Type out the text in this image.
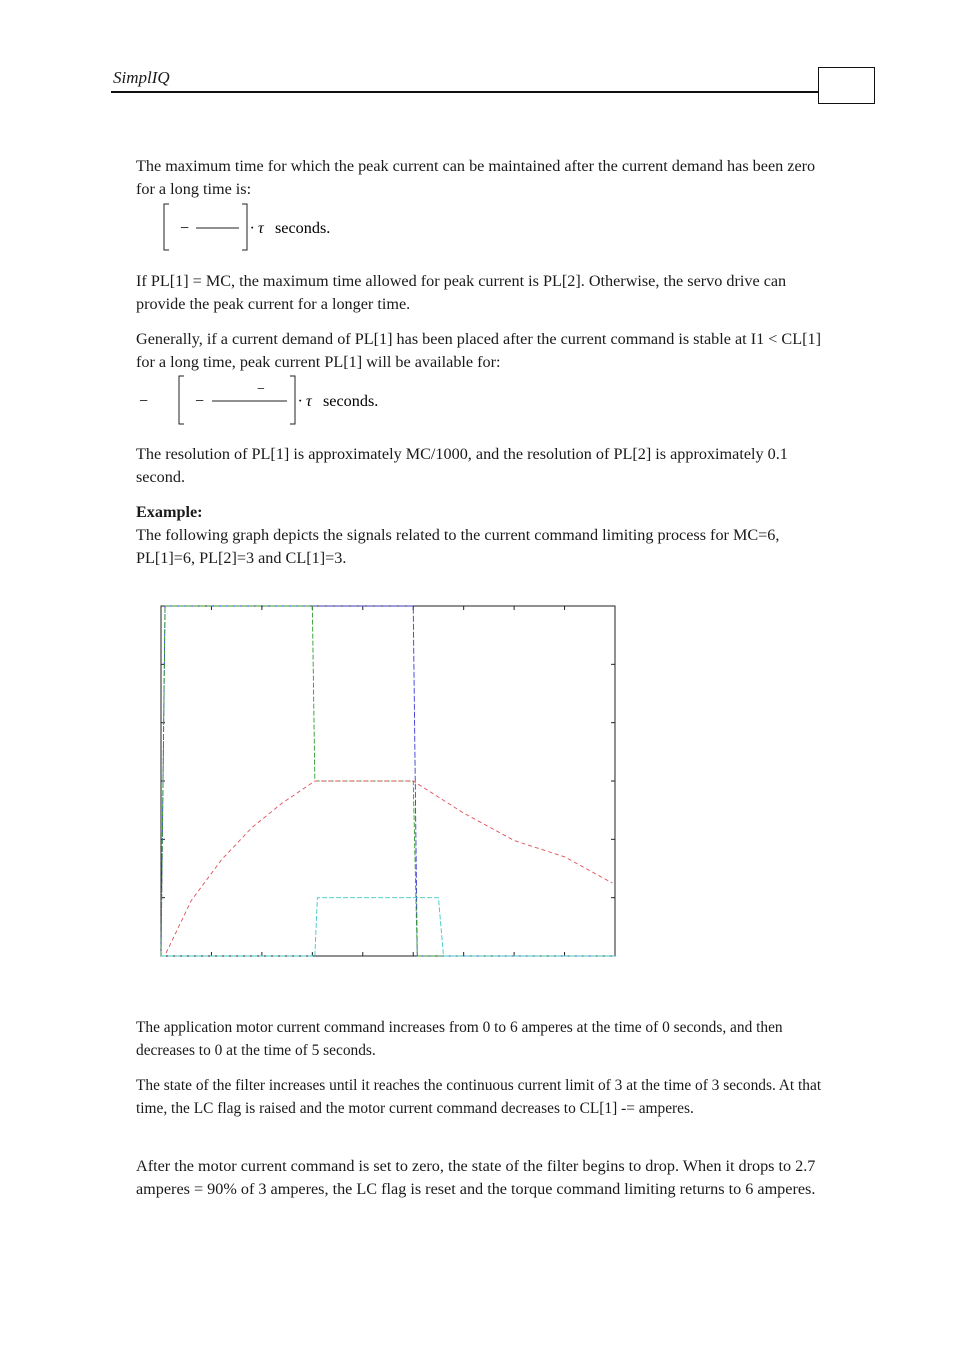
SimplIQ

The maximum time for which the peak current can be maintained after the current demand has been zero for a long time is:

−	· τ seconds.

If PL[1] = MC, the maximum time allowed for peak current is PL[2]. Otherwise, the servo drive can provide the peak current for a longer time.

Generally, if a current demand of PL[1] has been placed after the current command is stable at I1 < CL[1] for a long time, peak current PL[1] will be available for:

−	−
−
· τ seconds.

The resolution of PL[1] is approximately MC/1000, and the resolution of PL[2] is approximately 0.1 second.

Example:

The following graph depicts the signals related to the current command limiting process for MC=6, PL[1]=6, PL[2]=3 and CL[1]=3.

The application motor current command increases from 0 to 6 amperes at the time of 0 seconds, and then decreases to 0 at the time of 5 seconds.

The state of the filter increases until it reaches the continuous current limit of 3 at the time of 3 seconds. At that time, the LC flag is raised and the motor current command decreases to CL[1] -= amperes.

After the motor current command is set to zero, the state of the filter begins to drop. When it drops to 2.7 amperes = 90% of 3 amperes, the LC flag is reset and the torque command limiting returns to 6 amperes.
